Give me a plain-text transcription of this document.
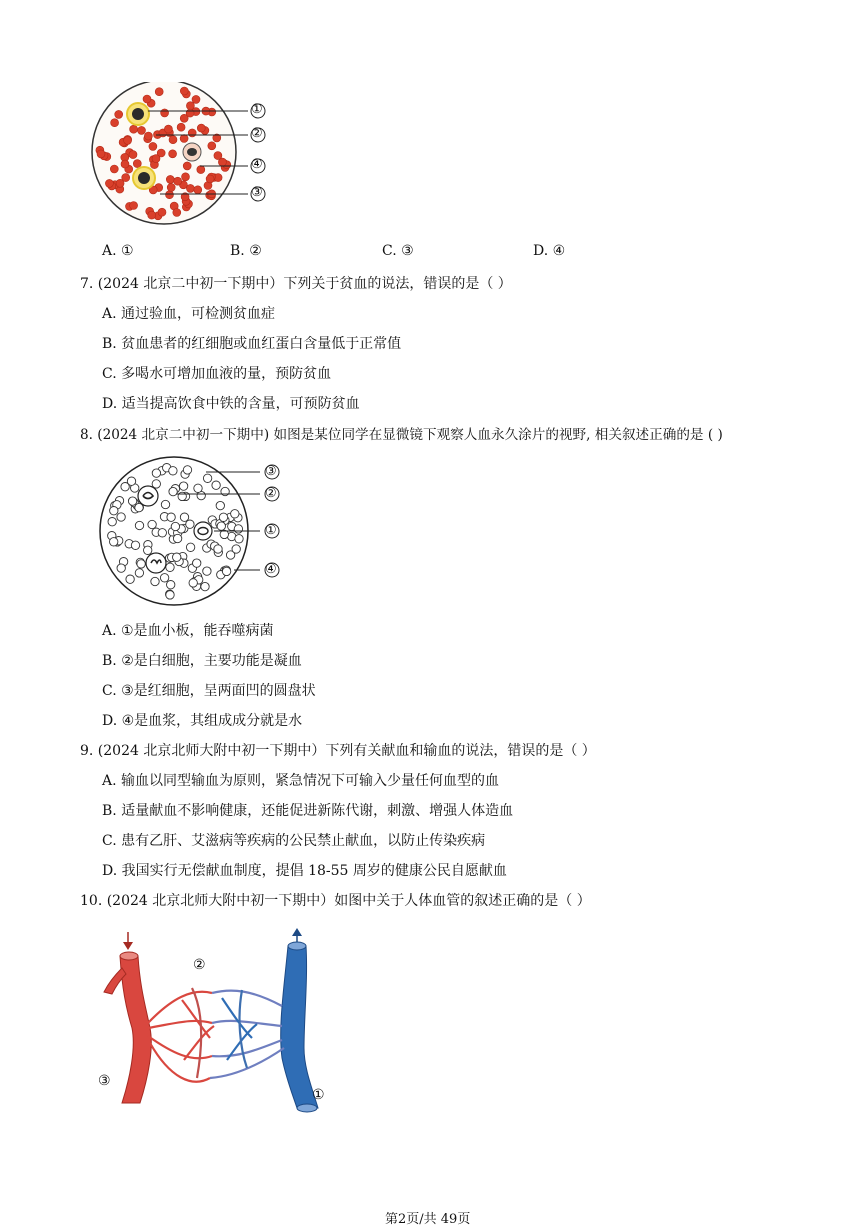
①
②
④
③
A. ①	B. ②	C. ③	D. ④
7. (2024 北京二中初一下期中）下列关于贫血的说法，错误的是（ ）
A. 通过验血，可检测贫血症
B. 贫血患者的红细胞或血红蛋白含量低于正常值
C. 多喝水可增加血液的量，预防贫血
D. 适当提高饮食中铁的含量，可预防贫血
8. (2024 北京二中初一下期中) 如图是某位同学在显微镜下观察人血永久涂片的视野, 相关叙述正确的是 ( )
③
②
①
④
A. ①是血小板，能吞噬病菌
B. ②是白细胞，主要功能是凝血
C. ③是红细胞，呈两面凹的圆盘状
D. ④是血浆，其组成成分就是水
9. (2024 北京北师大附中初一下期中）下列有关献血和输血的说法，错误的是（ ）
A. 输血以同型输血为原则，紧急情况下可输入少量任何血型的血
B. 适量献血不影响健康，还能促进新陈代谢，刺激、增强人体造血
C. 患有乙肝、艾滋病等疾病的公民禁止献血，以防止传染疾病
D. 我国实行无偿献血制度，提倡 18-55 周岁的健康公民自愿献血
10. (2024 北京北师大附中初一下期中）如图中关于人体血管的叙述正确的是（ ）
②
③
①
第2页/共 49页
